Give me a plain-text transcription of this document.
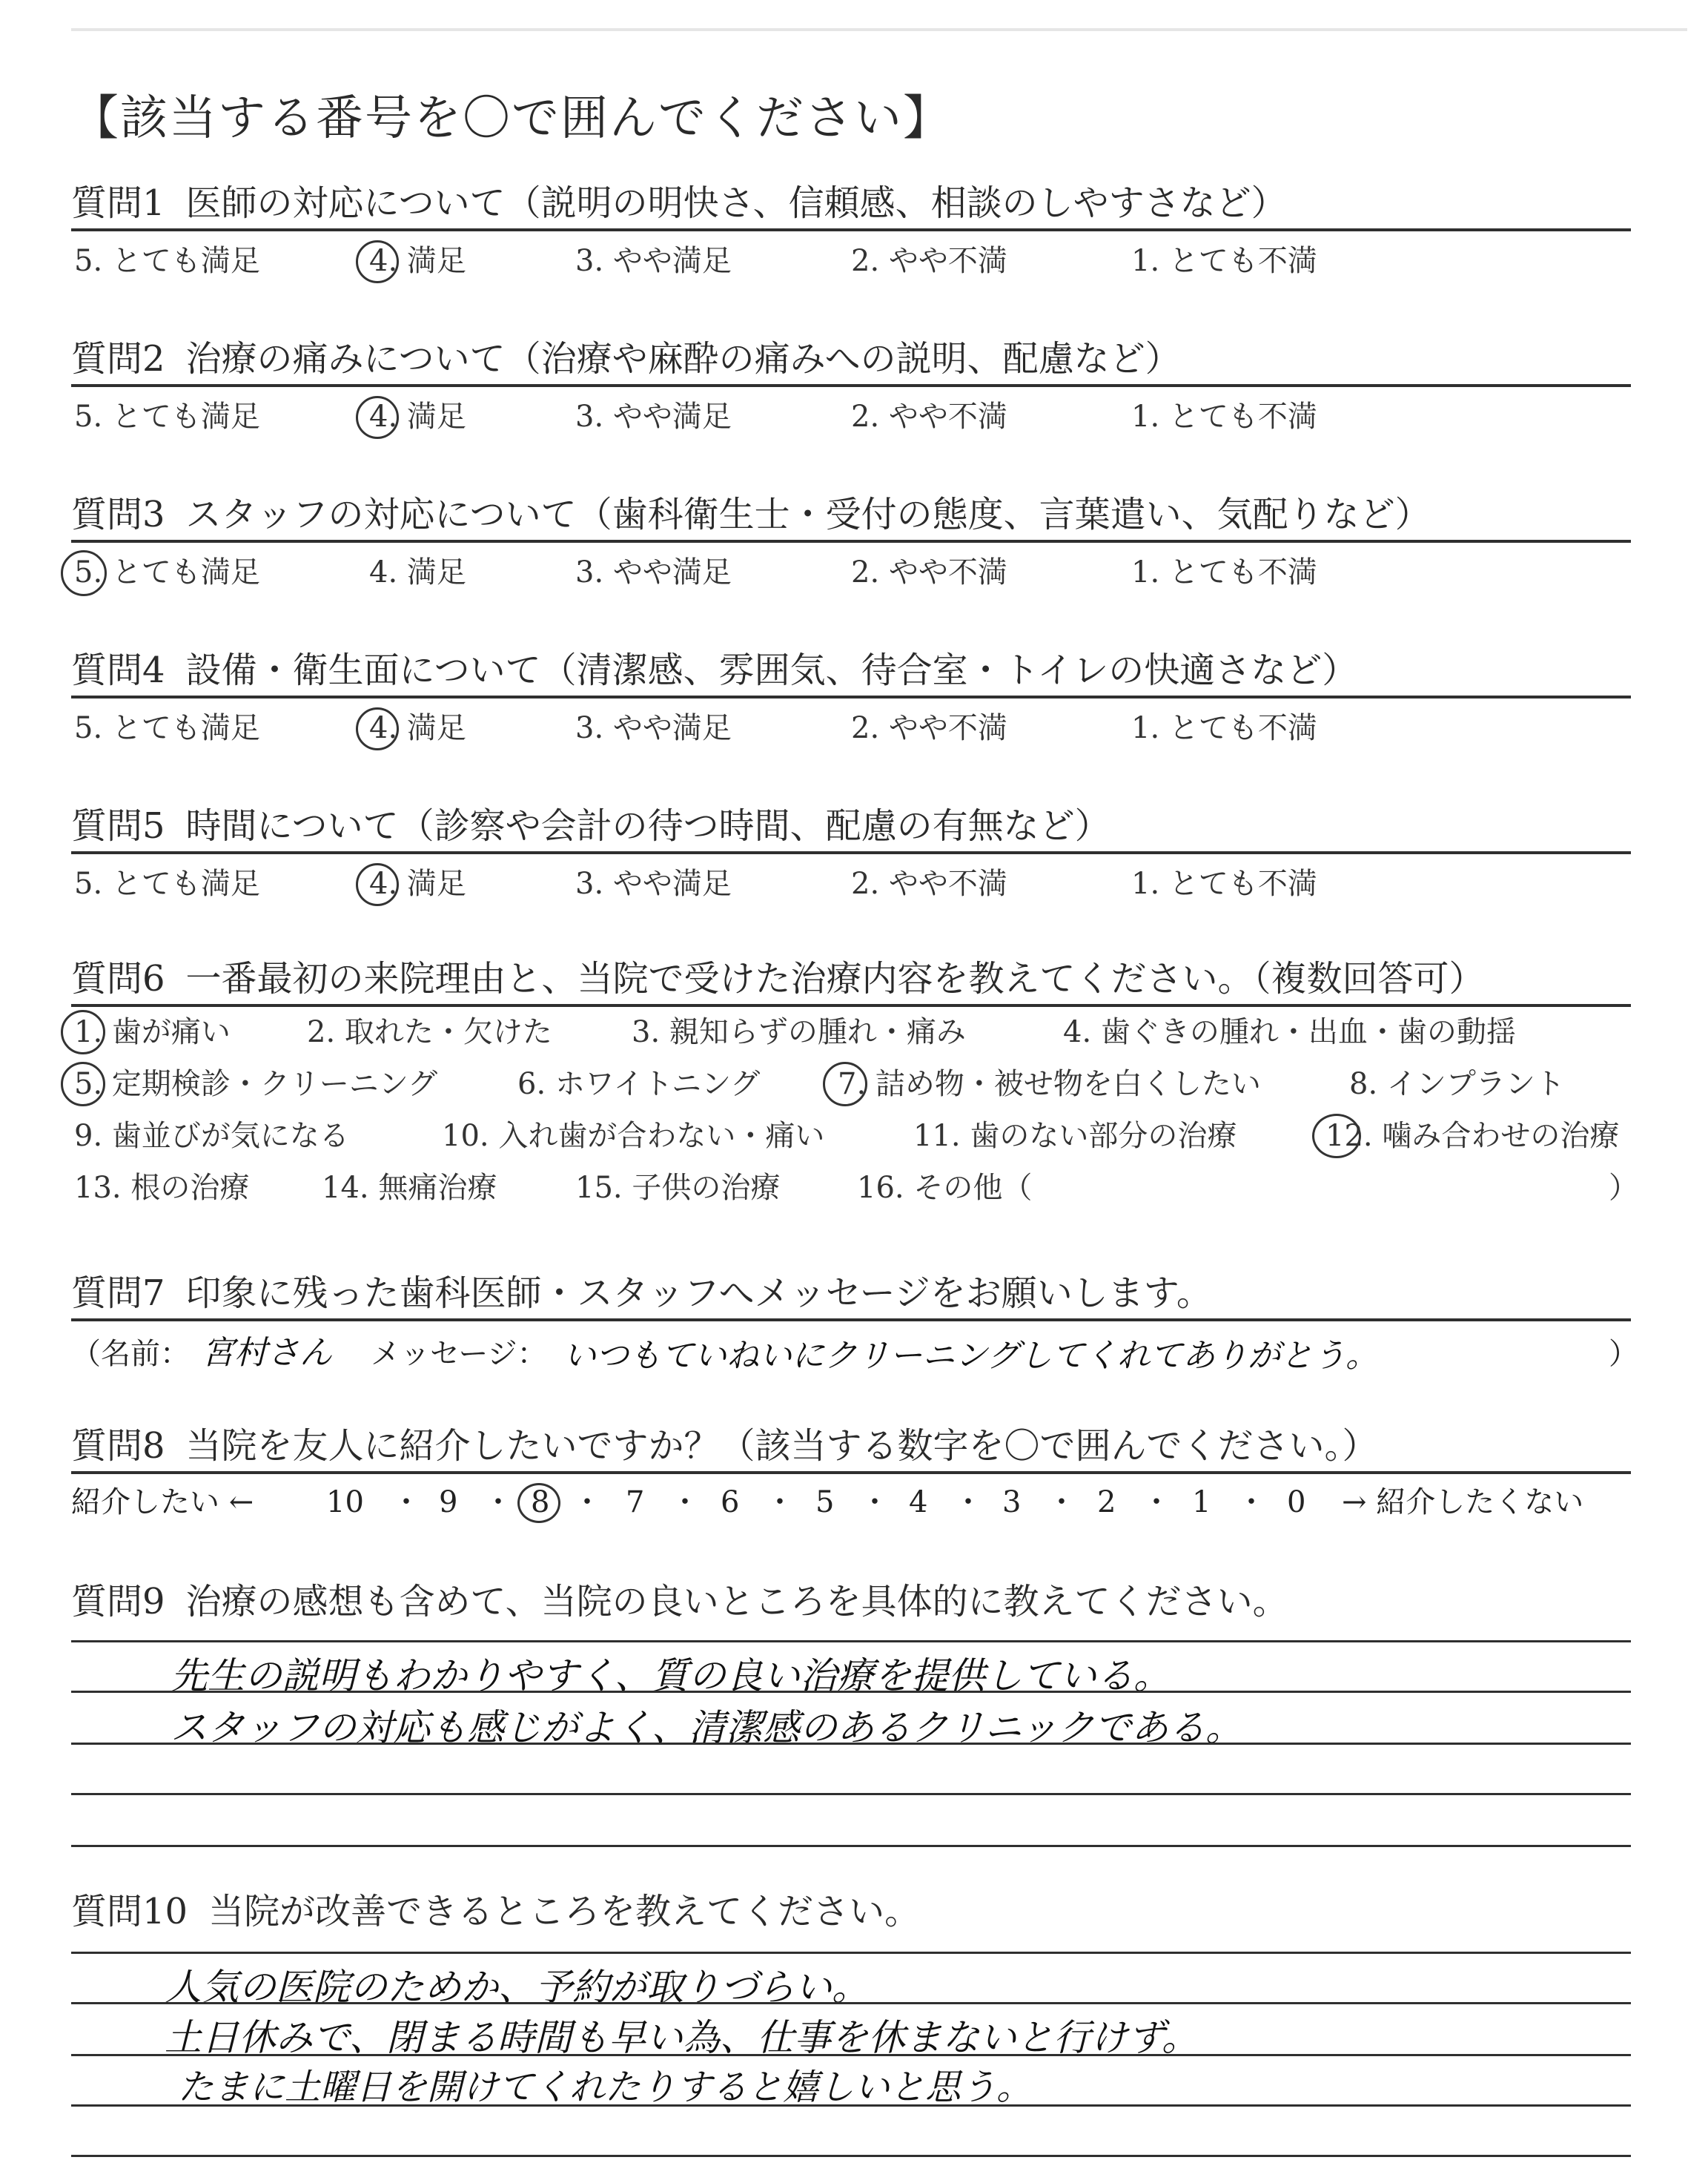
【該当する番号を〇で囲んでください】
質問1 医師の対応について（説明の明快さ、信頼感、相談のしやすさなど）
5. とても満足	4. 満足	3. やや満足	2. やや不満	1. とても不満
質問2 治療の痛みについて（治療や麻酔の痛みへの説明、配慮など）
5. とても満足	4. 満足	3. やや満足	2. やや不満	1. とても不満
質問3 スタッフの対応について（歯科衛生士・受付の態度、言葉遣い、気配りなど）
5. とても満足	4. 満足	3. やや満足	2. やや不満	1. とても不満
質問4 設備・衛生面について（清潔感、雰囲気、待合室・トイレの快適さなど）
5. とても満足	4. 満足	3. やや満足	2. やや不満	1. とても不満
質問5 時間について（診察や会計の待つ時間、配慮の有無など）
5. とても満足	4. 満足	3. やや満足	2. やや不満	1. とても不満
質問6 一番最初の来院理由と、当院で受けた治療内容を教えてください。（複数回答可）
1. 歯が痛い	2. 取れた・欠けた	3. 親知らずの腫れ・痛み	4. 歯ぐきの腫れ・出血・歯の動揺
5. 定期検診・クリーニング	6. ホワイトニング	7. 詰め物・被せ物を白くしたい	8. インプラント
9. 歯並びが気になる	10. 入れ歯が合わない・痛い	11. 歯のない部分の治療	12. 噛み合わせの治療
13. 根の治療 14. 無痛治療	15. 子供の治療	16. その他（	）
質問7 印象に残った歯科医師・スタッフへメッセージをお願いします。
（名前： 宮村さん メッセージ： いつもていねいにクリーニングしてくれてありがとう。	）
質問8 当院を友人に紹介したいですか？（該当する数字を〇で囲んでください。）
紹介したい ← 10 ・ 9 ・ 8 ・ 7 ・ 6 ・ 5 ・ 4 ・ 3 ・ 2 ・ 1 ・ 0 → 紹介したくない
質問9 治療の感想も含めて、当院の良いところを具体的に教えてください。
先生の説明もわかりやすく、質の良い治療を提供している。
スタッフの対応も感じがよく、清潔感のあるクリニックである。
質問10 当院が改善できるところを教えてください。
人気の医院のためか、予約が取りづらい。
土日休みで、閉まる時間も早い為、仕事を休まないと行けず。
たまに土曜日を開けてくれたりすると嬉しいと思う。
